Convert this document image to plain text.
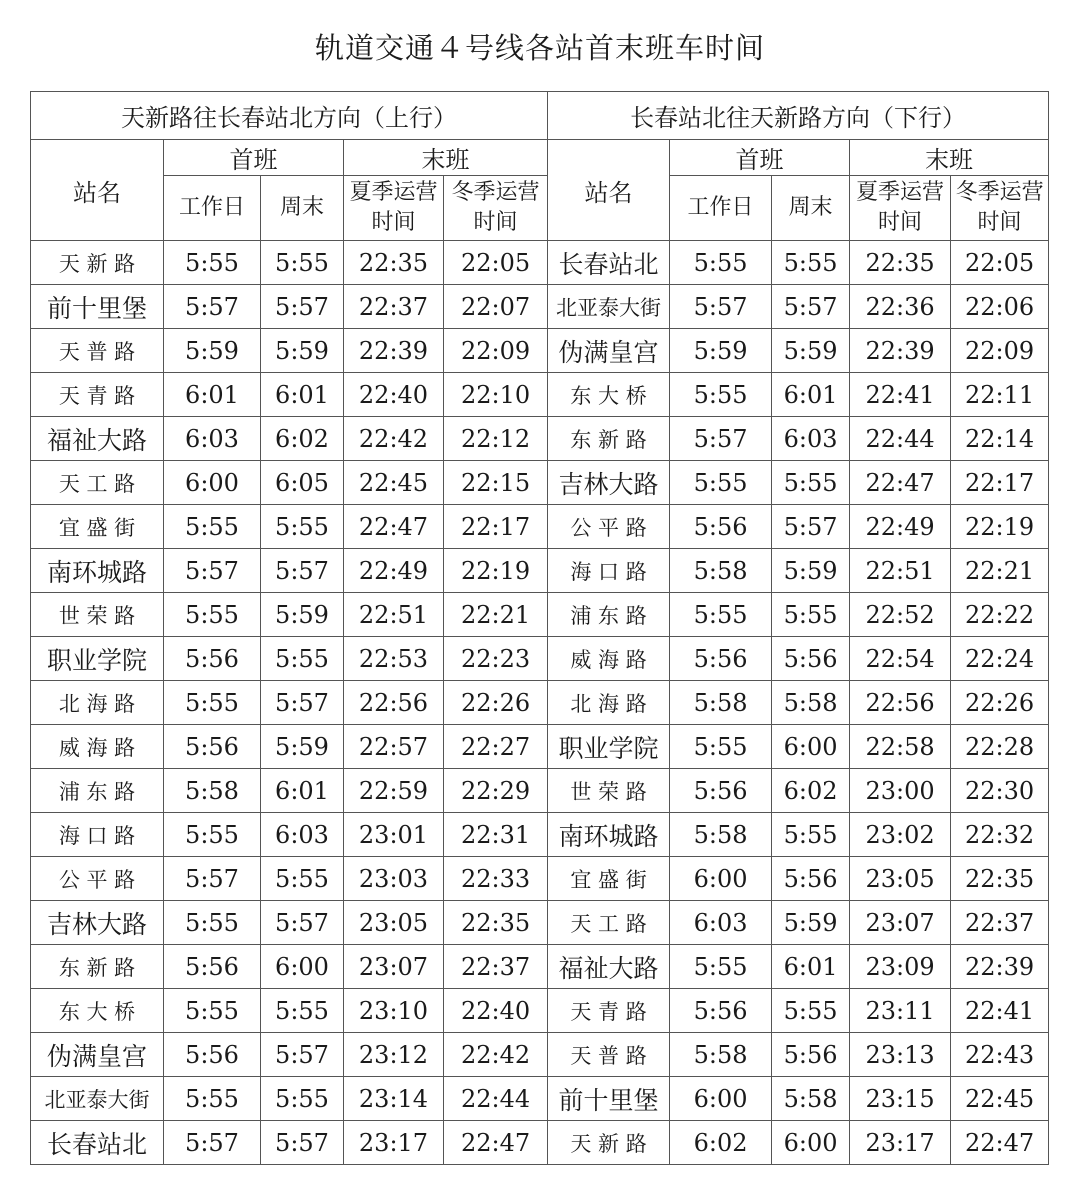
轨道交通４号线各站首末班车时间
天新路往长春站北方向（上行）					长春站北往天新路方向（下行）				
站名	首班		末班		站名	首班		末班	
	工作日	周末	夏季运营时间	冬季运营时间		工作日	周末	夏季运营时间	冬季运营时间

天 新 路	5:55	5:55	22:35	22:05	长春站北	5:55	5:55	22:35	22:05
前十里堡	5:57	5:57	22:37	22:07	北亚泰大街	5:57	5:57	22:36	22:06
天 普 路	5:59	5:59	22:39	22:09	伪满皇宫	5:59	5:59	22:39	22:09
天 青 路	6:01	6:01	22:40	22:10	东 大 桥	5:55	6:01	22:41	22:11
福祉大路	6:03	6:02	22:42	22:12	东 新 路	5:57	6:03	22:44	22:14
天 工 路	6:00	6:05	22:45	22:15	吉林大路	5:55	5:55	22:47	22:17
宜 盛 街	5:55	5:55	22:47	22:17	公 平 路	5:56	5:57	22:49	22:19
南环城路	5:57	5:57	22:49	22:19	海 口 路	5:58	5:59	22:51	22:21
世 荣 路	5:55	5:59	22:51	22:21	浦 东 路	5:55	5:55	22:52	22:22
职业学院	5:56	5:55	22:53	22:23	威 海 路	5:56	5:56	22:54	22:24
北 海 路	5:55	5:57	22:56	22:26	北 海 路	5:58	5:58	22:56	22:26
威 海 路	5:56	5:59	22:57	22:27	职业学院	5:55	6:00	22:58	22:28
浦 东 路	5:58	6:01	22:59	22:29	世 荣 路	5:56	6:02	23:00	22:30
海 口 路	5:55	6:03	23:01	22:31	南环城路	5:58	5:55	23:02	22:32
公 平 路	5:57	5:55	23:03	22:33	宜 盛 街	6:00	5:56	23:05	22:35
吉林大路	5:55	5:57	23:05	22:35	天 工 路	6:03	5:59	23:07	22:37
东 新 路	5:56	6:00	23:07	22:37	福祉大路	5:55	6:01	23:09	22:39
东 大 桥	5:55	5:55	23:10	22:40	天 青 路	5:56	5:55	23:11	22:41
伪满皇宫	5:56	5:57	23:12	22:42	天 普 路	5:58	5:56	23:13	22:43
北亚泰大街	5:55	5:55	23:14	22:44	前十里堡	6:00	5:58	23:15	22:45
长春站北	5:57	5:57	23:17	22:47	天 新 路	6:02	6:00	23:17	22:47
